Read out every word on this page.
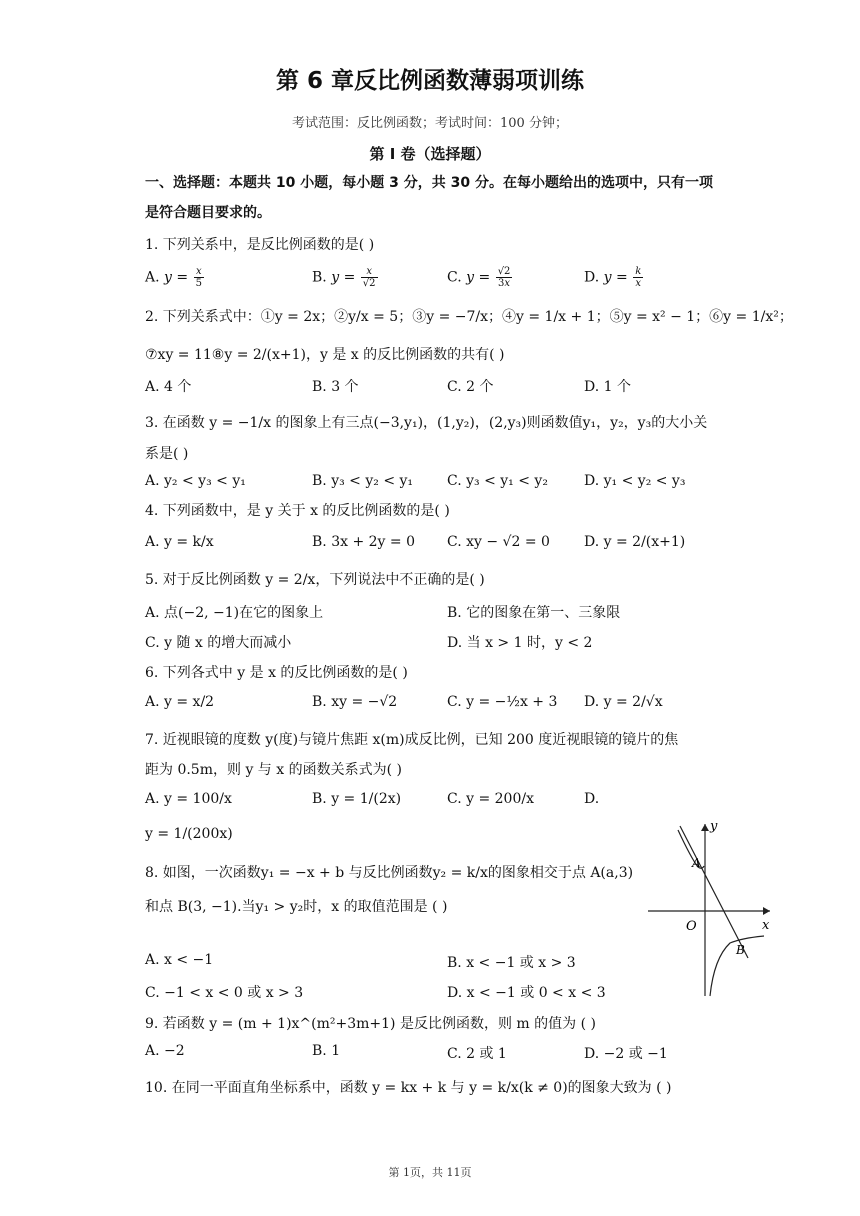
第 6 章反比例函数薄弱项训练
考试范围：反比例函数；考试时间：100 分钟；
第 I 卷（选择题）
一、选择题：本题共 10 小题，每小题 3 分，共 30 分。在每小题给出的选项中，只有一项是符合题目要求的。
1. 下列关系中，是反比例函数的是( )
A. $y = \frac{x}{5}$	B. $y = \frac{x}{√2}$	C. $y = \frac{√2}{3x}$	D. $y = \frac{k}{x}$
2. 下列关系式中：①y = 2x；②y/x = 5；③y = −7/x；④y = 1/x + 1；⑤y = x² − 1；⑥y = 1/x²；
⑦xy = 11⑧y = 2/(x+1)，y 是 x 的反比例函数的共有( )
A. 4 个	B. 3 个	C. 2 个	D. 1 个
3. 在函数 y = −1/x 的图象上有三点(−3,y₁)，(1,y₂)，(2,y₃)则函数值y₁，y₂，y₃的大小关
系是( )
A. y₂ < y₃ < y₁	B. y₃ < y₂ < y₁ C. y₃ < y₁ < y₂	D. y₁ < y₂ < y₃
4. 下列函数中，是 y 关于 x 的反比例函数的是( )
A. y = k/x	B. 3x + 2y = 0 C. xy − √2 = 0 D. y = 2/(x+1)
5. 对于反比例函数 y = 2/x，下列说法中不正确的是( )
A. 点(−2, −1)在它的图象上	B. 它的图象在第一、三象限
C. y 随 x 的增大而减小	D. 当 x > 1 时，y < 2
6. 下列各式中 y 是 x 的反比例函数的是( )
A. y = x/2	B. xy = −√2	C. y = −½x + 3 D. y = 2/√x
7. 近视眼镜的度数 y(度)与镜片焦距 x(m)成反比例，已知 200 度近视眼镜的镜片的焦
距为 0.5m，则 y 与 x 的函数关系式为( )
A. y = 100/x	B. y = 1/(2x)	C. y = 200/x	D.
y = 1/(200x)
8. 如图，一次函数y₁ = −x + b 与反比例函数y₂ = k/x的图象相交于点 A(a,3)
和点 B(3, −1).当y₁ > y₂时，x 的取值范围是 ( )
A. x < −1	B. x < −1 或 x > 3
C. −1 < x < 0 或 x > 3	D. x < −1 或 0 < x < 3
y
x
O
A
B
9. 若函数 y = (m + 1)x^(m²+3m+1) 是反比例函数，则 m 的值为 ( )
A. −2	B. 1	C. 2 或 1	D. −2 或 −1
10. 在同一平面直角坐标系中，函数 y = kx + k 与 y = k/x(k ≠ 0)的图象大致为 ( )
第 1页，共 11页
